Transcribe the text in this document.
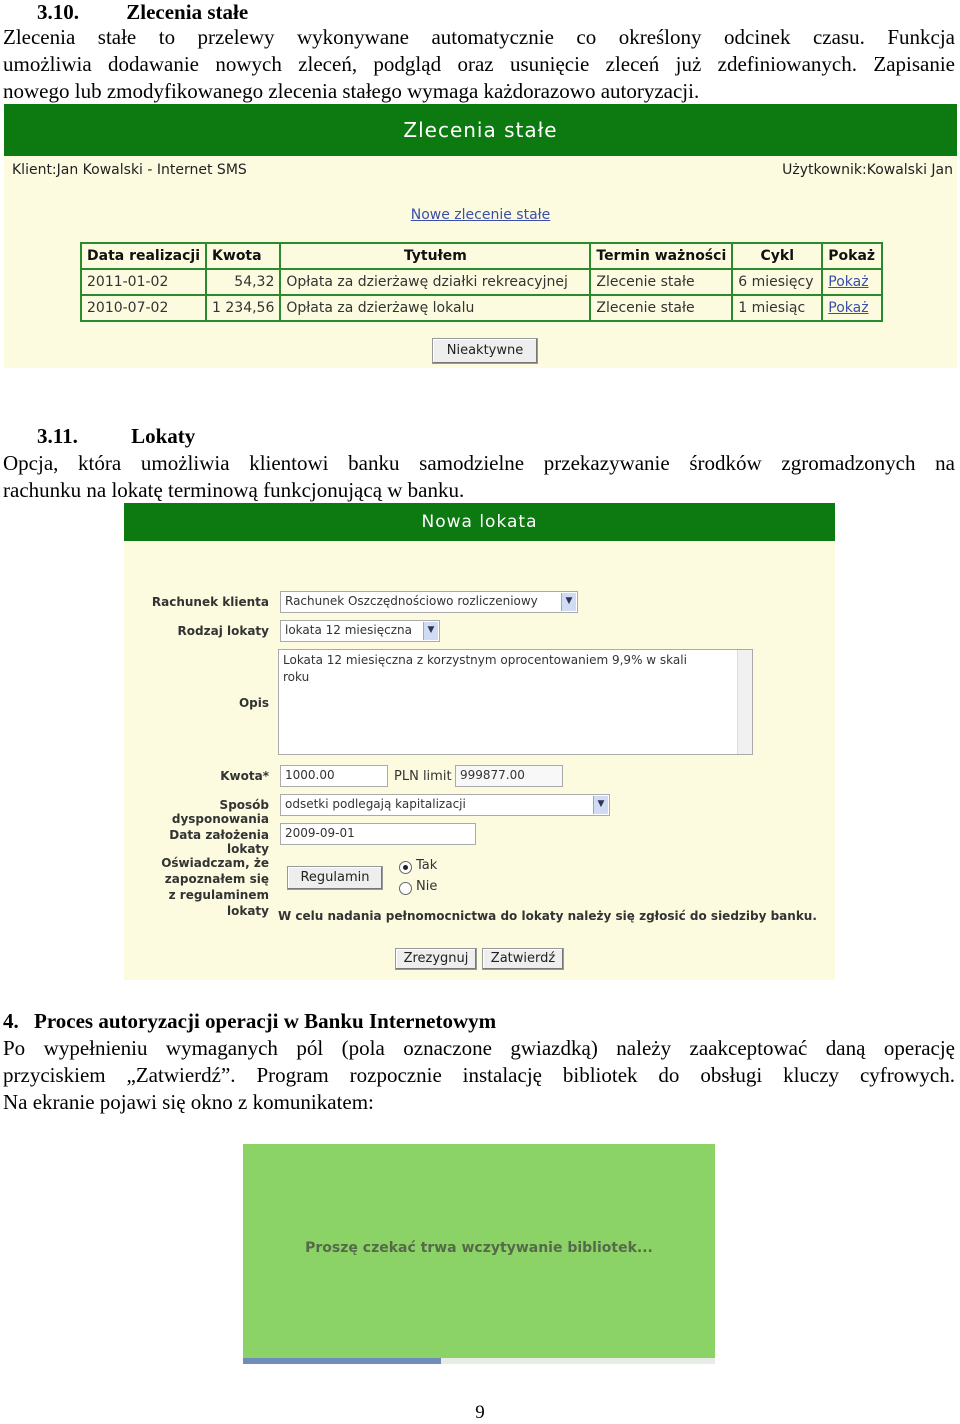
3.10. Zlecenia stałe
Zlecenia stałe to przelewy wykonywane automatycznie co określony odcinek czasu. Funkcja
umożliwia dodawanie nowych zleceń, podgląd oraz usunięcie zleceń już zdefiniowanych. Zapisanie
nowego lub zmodyfikowanego zlecenia stałego wymaga każdorazowo autoryzacji.
Zlecenia stałe
Klient:Jan Kowalski - Internet SMS	Użytkownik:Kowalski Jan
Nowe zlecenie stałe
Data realizacji	Kwota	Tytułem	Termin ważności	Cykl	Pokaż
2011-01-02	54,32	Opłata za dzierżawę działki rekreacyjnej	Zlecenie stałe	6 miesięcy	Pokaż
2010-07-02	1 234,56	Opłata za dzierżawę lokalu	Zlecenie stałe	1 miesiąc	Pokaż
Nieaktywne
3.11.	Lokaty
Opcja, która umożliwia klientowi banku samodzielne przekazywanie środków zgromadzonych na
rachunku na lokatę terminową funkcjonującą w banku.
Nowa lokata
Rachunek klienta	Rachunek Oszczędnościowo rozliczeniowy	▼
Rodzaj lokaty	lokata 12 miesięczna	▼
Opis
Lokata 12 miesięczna z korzystnym oprocentowaniem 9,9% w skali
roku
Kwota*	1000.00	PLN limit 999877.00
Sposób dysponowania
odsetki podlegają kapitalizacji	▼
Data założenia lokaty
2009-09-01
Oświadczam, że
zapoznałem się
z regulaminem lokaty
Regulamin
Tak
Nie
W celu nadania pełnomocnictwa do lokaty należy się zgłosić do siedziby banku.
Zrezygnuj	Zatwierdź
4. Proces autoryzacji operacji w Banku Internetowym
Po wypełnieniu wymaganych pól (pola oznaczone gwiazdką) należy zaakceptować daną operację
przyciskiem „Zatwierdź”. Program rozpocznie instalację bibliotek do obsługi kluczy cyfrowych.
Na ekranie pojawi się okno z komunikatem:
Proszę czekać trwa wczytywanie bibliotek...
9
